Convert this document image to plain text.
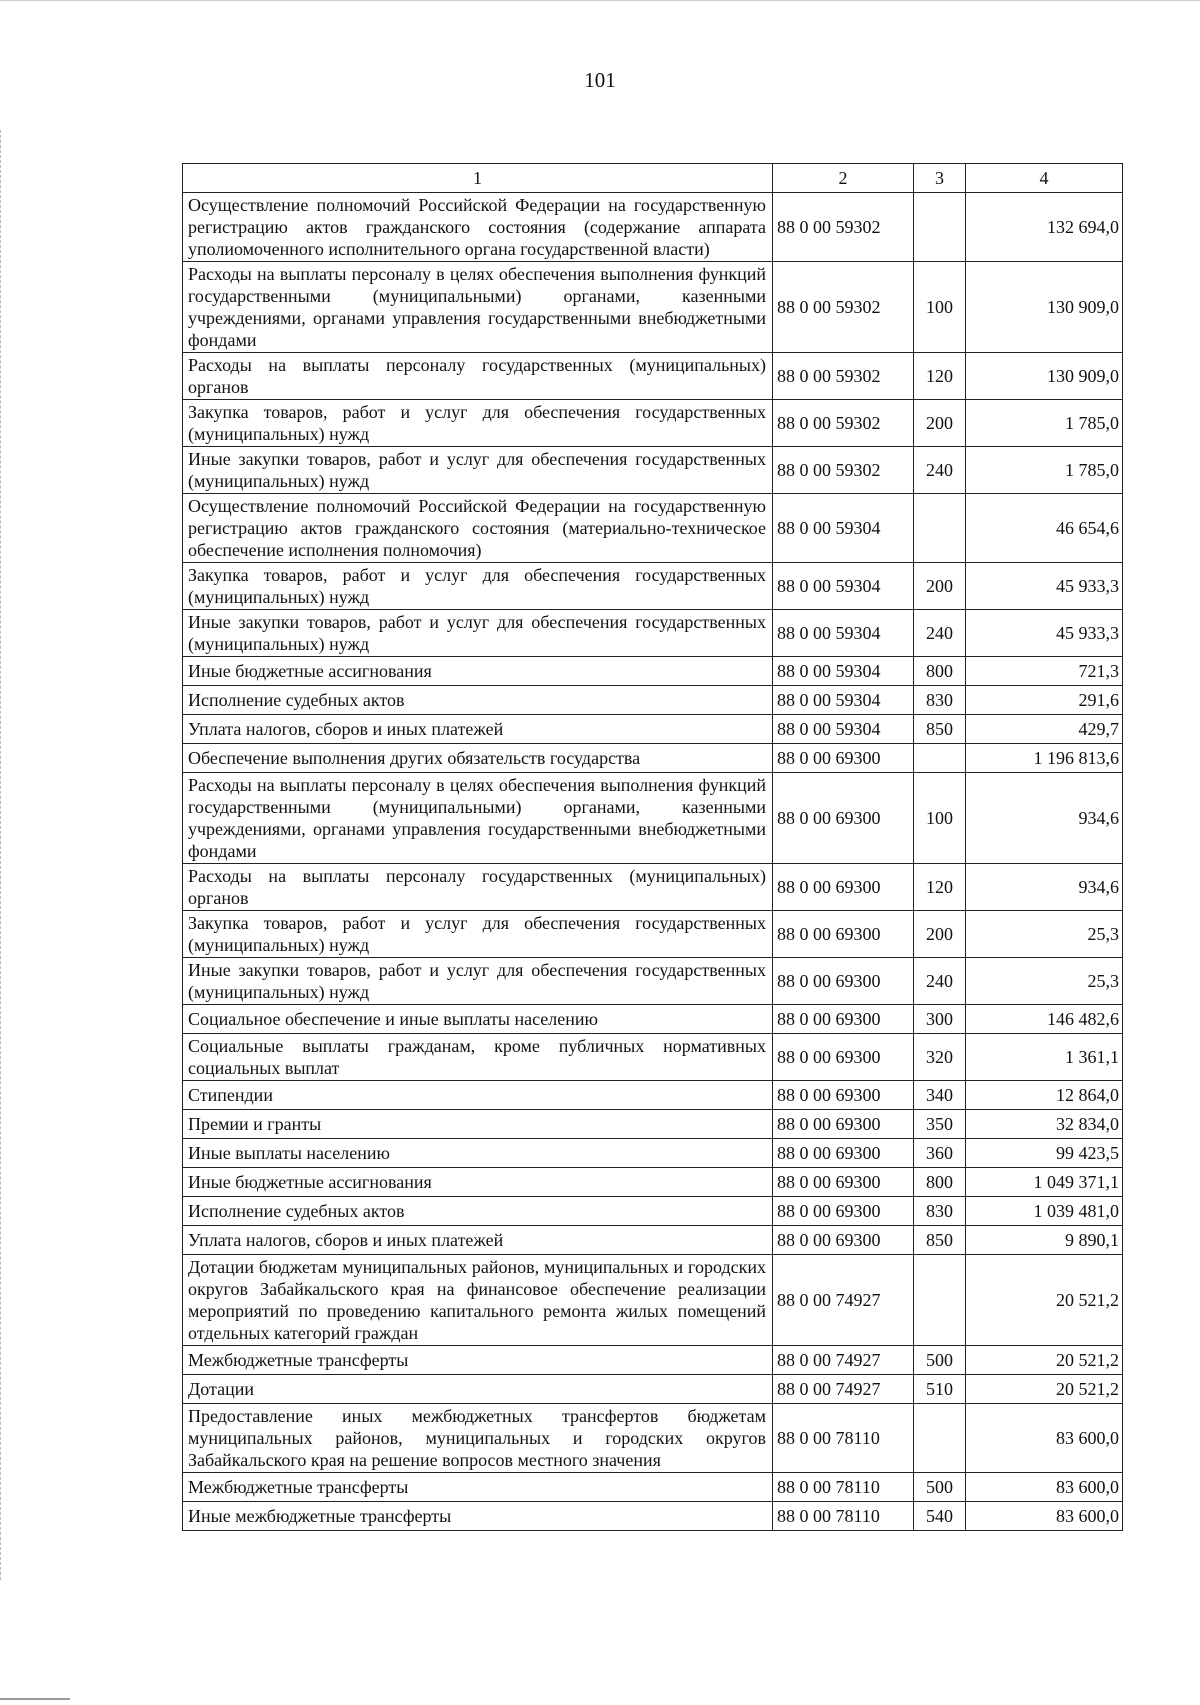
101
1	2	3	4
Осуществление полномочий Российской Федерации на государственную регистрацию актов гражданского состояния (содержание аппарата уполиомоченного исполнительного органа государственной власти)	88 0 00 59302		132 694,0
Расходы на выплаты персоналу в целях обеспечения выполнения функций государственными (муниципальными) органами, казенными учреждениями, органами управления государственными внебюджетными фондами	88 0 00 59302	100	130 909,0
Расходы на выплаты персоналу государственных (муниципальных) органов	88 0 00 59302	120	130 909,0
Закупка товаров, работ и услуг для обеспечения государственных (муниципальных) нужд	88 0 00 59302	200	1 785,0
Иные закупки товаров, работ и услуг для обеспечения государственных (муниципальных) нужд	88 0 00 59302	240	1 785,0
Осуществление полномочий Российской Федерации на государственную регистрацию актов гражданского состояния (материально-техническое обеспечение исполнения полномочия)	88 0 00 59304		46 654,6
Закупка товаров, работ и услуг для обеспечения государственных (муниципальных) нужд	88 0 00 59304	200	45 933,3
Иные закупки товаров, работ и услуг для обеспечения государственных (муниципальных) нужд	88 0 00 59304	240	45 933,3
Иные бюджетные ассигнования	88 0 00 59304	800	721,3
Исполнение судебных актов	88 0 00 59304	830	291,6
Уплата налогов, сборов и иных платежей	88 0 00 59304	850	429,7
Обеспечение выполнения других обязательств государства	88 0 00 69300		1 196 813,6
Расходы на выплаты персоналу в целях обеспечения выполнения функций государственными (муниципальными) органами, казенными учреждениями, органами управления государственными внебюджетными фондами	88 0 00 69300	100	934,6
Расходы на выплаты персоналу государственных (муниципальных) органов	88 0 00 69300	120	934,6
Закупка товаров, работ и услуг для обеспечения государственных (муниципальных) нужд	88 0 00 69300	200	25,3
Иные закупки товаров, работ и услуг для обеспечения государственных (муниципальных) нужд	88 0 00 69300	240	25,3
Социальное обеспечение и иные выплаты населению	88 0 00 69300	300	146 482,6
Социальные выплаты гражданам, кроме публичных нормативных социальных выплат	88 0 00 69300	320	1 361,1
Стипендии	88 0 00 69300	340	12 864,0
Премии и гранты	88 0 00 69300	350	32 834,0
Иные выплаты населению	88 0 00 69300	360	99 423,5
Иные бюджетные ассигнования	88 0 00 69300	800	1 049 371,1
Исполнение судебных актов	88 0 00 69300	830	1 039 481,0
Уплата налогов, сборов и иных платежей	88 0 00 69300	850	9 890,1
Дотации бюджетам муниципальных районов, муниципальных и городских округов Забайкальского края на финансовое обеспечение реализации мероприятий по проведению капитального ремонта жилых помещений отдельных категорий граждан	88 0 00 74927		20 521,2
Межбюджетные трансферты	88 0 00 74927	500	20 521,2
Дотации	88 0 00 74927	510	20 521,2
Предоставление иных межбюджетных трансфертов бюджетам муниципальных районов, муниципальных и городских округов Забайкальского края на решение вопросов местного значения	88 0 00 78110		83 600,0
Межбюджетные трансферты	88 0 00 78110	500	83 600,0
Иные межбюджетные трансферты	88 0 00 78110	540	83 600,0
